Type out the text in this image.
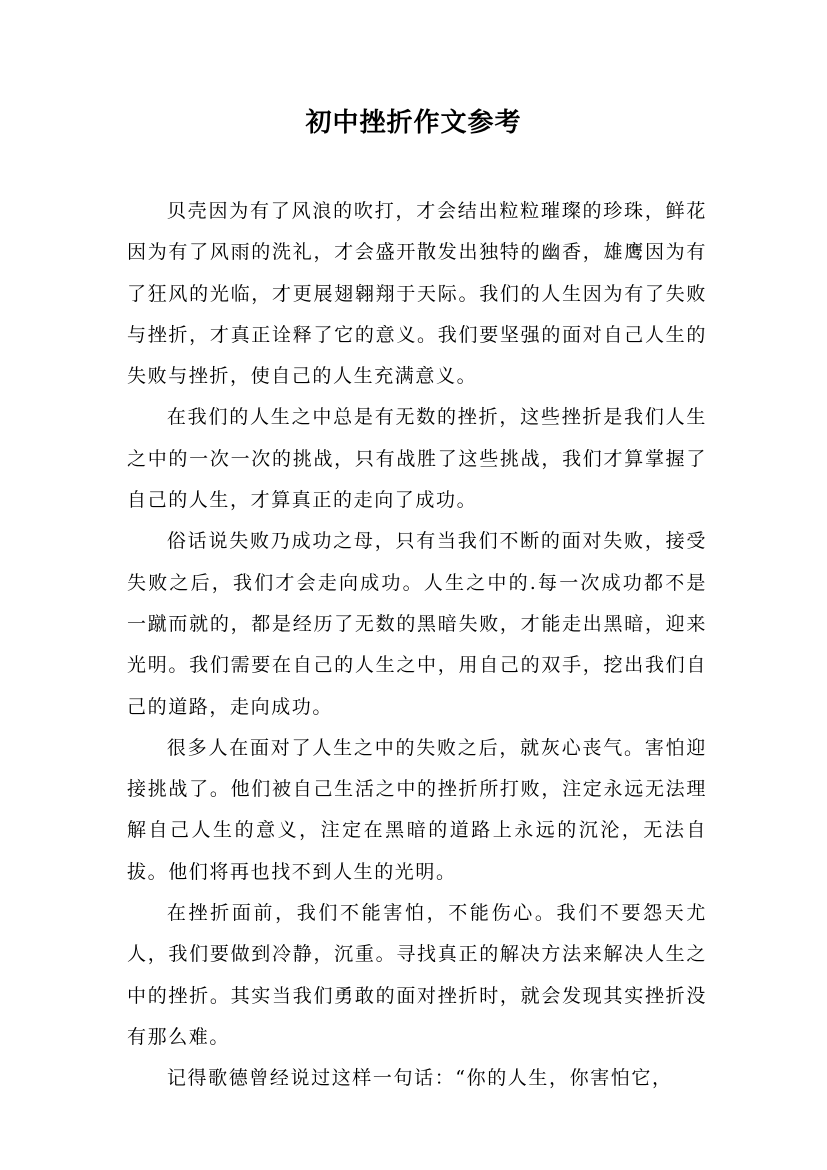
初中挫折作文参考

贝壳因为有了风浪的吹打，才会结出粒粒璀璨的珍珠，鲜花因为有了风雨的洗礼，才会盛开散发出独特的幽香，雄鹰因为有了狂风的光临，才更展翅翱翔于天际。我们的人生因为有了失败与挫折，才真正诠释了它的意义。我们要坚强的面对自己人生的失败与挫折，使自己的人生充满意义。

在我们的人生之中总是有无数的挫折，这些挫折是我们人生之中的一次一次的挑战，只有战胜了这些挑战，我们才算掌握了自己的人生，才算真正的走向了成功。

俗话说失败乃成功之母，只有当我们不断的面对失败，接受失败之后，我们才会走向成功。人生之中的.每一次成功都不是一蹴而就的，都是经历了无数的黑暗失败，才能走出黑暗，迎来光明。我们需要在自己的人生之中，用自己的双手，挖出我们自己的道路，走向成功。

很多人在面对了人生之中的失败之后，就灰心丧气。害怕迎接挑战了。他们被自己生活之中的挫折所打败，注定永远无法理解自己人生的意义，注定在黑暗的道路上永远的沉沦，无法自拔。他们将再也找不到人生的光明。

在挫折面前，我们不能害怕，不能伤心。我们不要怨天尤人，我们要做到冷静，沉重。寻找真正的解决方法来解决人生之中的挫折。其实当我们勇敢的面对挫折时，就会发现其实挫折没有那么难。

记得歌德曾经说过这样一句话：“你的人生，你害怕它，
